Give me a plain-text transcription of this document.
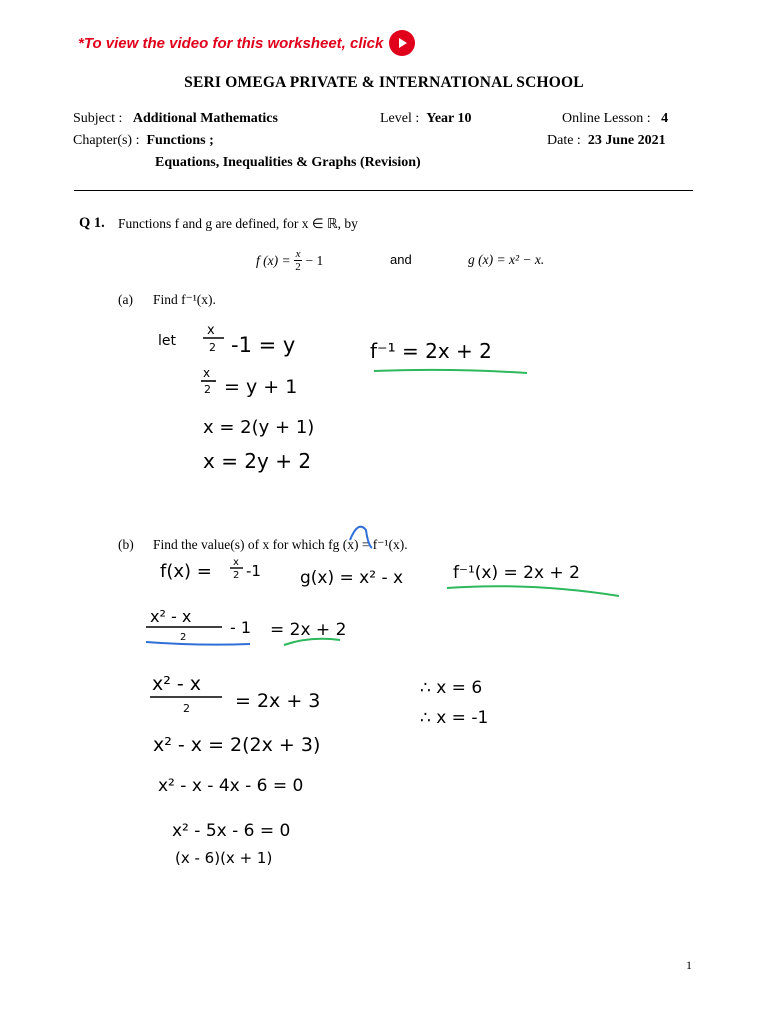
*To view the video for this worksheet, click
SERI OMEGA PRIVATE & INTERNATIONAL SCHOOL
Subject : Additional Mathematics	Level : Year 10	Online Lesson : 4
Chapter(s) : Functions ;	Date : 23 June 2021
Equations, Inequalities & Graphs (Revision)
Q 1. Functions f and g are defined, for x ∈ ℝ, by
f $(x) = \frac{x}{2} - 1$	and	g (x) = x² − x.
(a) Find f⁻¹(x).
(b) Find the value(s) of x for which fg (x) = f⁻¹(x).
let
x
2 -1 = y	f⁻¹ = 2x + 2
x
2 = y + 1
x = 2(y + 1)
x = 2y + 2
f(x) = x
2 -1 g(x) = x² - x	f⁻¹(x) = 2x + 2
x² - x
2
- 1 = 2x + 2
x² - x
2 = 2x + 3
∴ x = 6
∴ x = -1
x² - x = 2(2x + 3)
x² - x - 4x - 6 = 0
x² - 5x - 6 = 0
(x - 6)(x + 1)
1
